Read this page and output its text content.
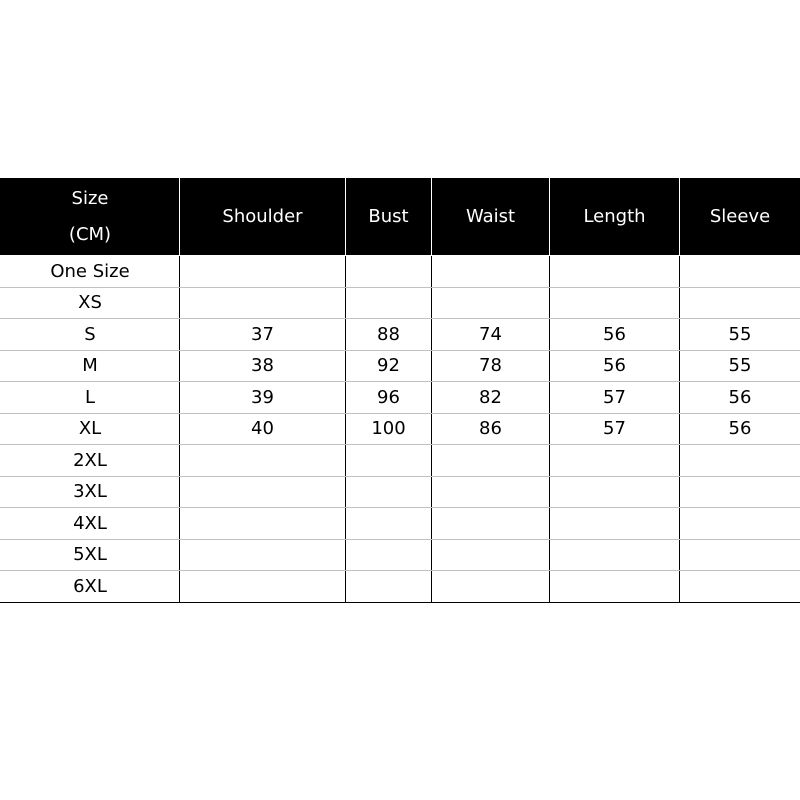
Size
(CM)	Shoulder	Bust	Waist	Length	Sleeve
One Size					
XS					
S	37	88	74	56	55
M	38	92	78	56	55
L	39	96	82	57	56
XL	40	100	86	57	56
2XL					
3XL					
4XL					
5XL					
6XL					
